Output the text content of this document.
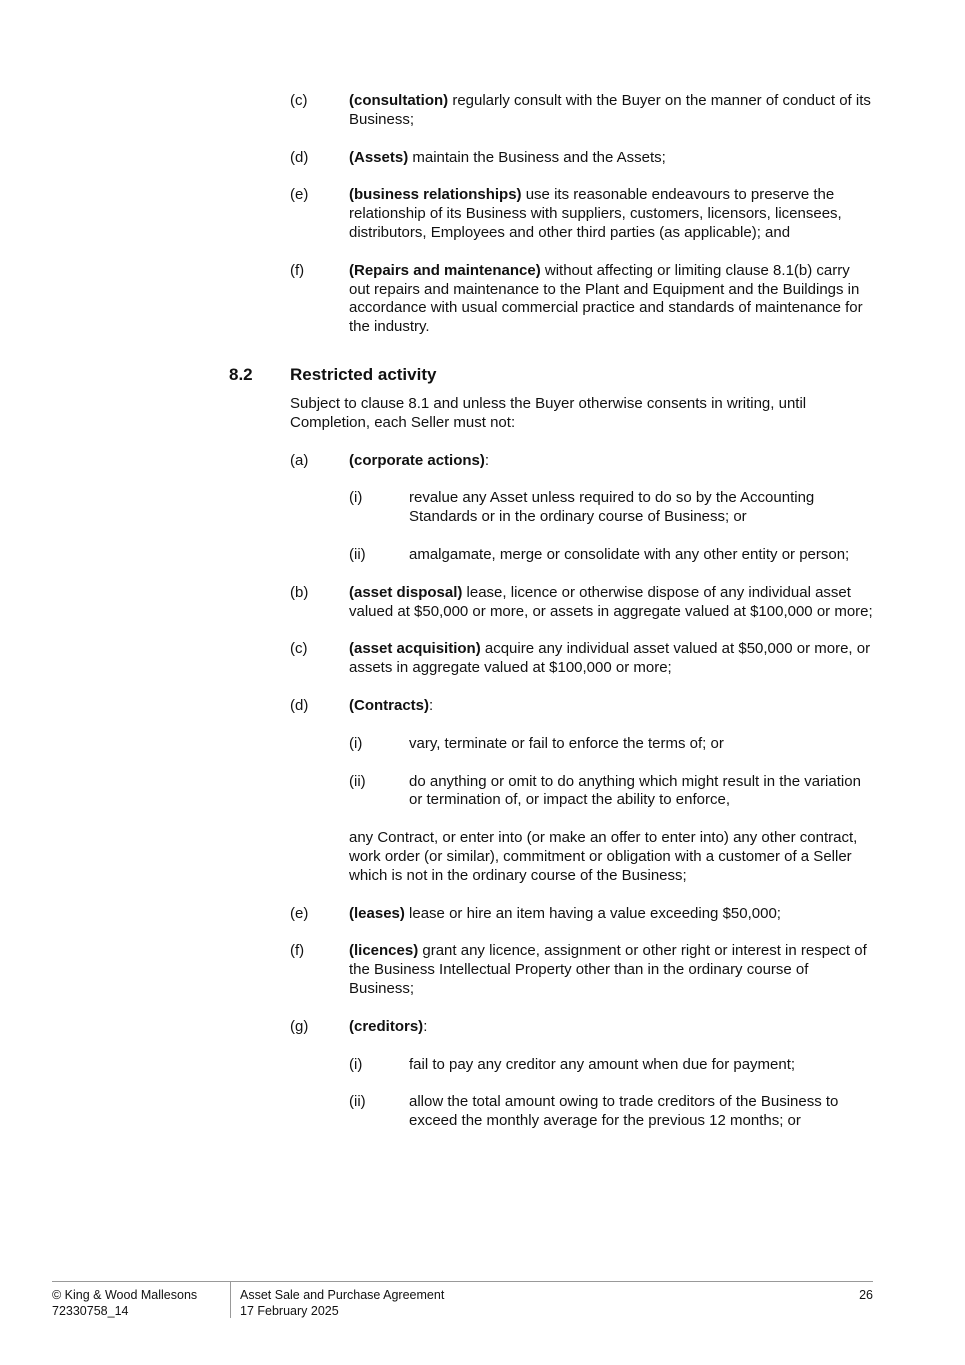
(c)	(consultation) regularly consult with the Buyer on the manner of conduct of its Business;
(d)	(Assets) maintain the Business and the Assets;
(e)	(business relationships) use its reasonable endeavours to preserve the relationship of its Business with suppliers, customers, licensors, licensees, distributors, Employees and other third parties (as applicable); and
(f)	(Repairs and maintenance) without affecting or limiting clause 8.1(b) carry out repairs and maintenance to the Plant and Equipment and the Buildings in accordance with usual commercial practice and standards of maintenance for the industry.
8.2 Restricted activity
Subject to clause 8.1 and unless the Buyer otherwise consents in writing, until Completion, each Seller must not:
(a)	(corporate actions):
(i)	revalue any Asset unless required to do so by the Accounting Standards or in the ordinary course of Business; or
(ii)	amalgamate, merge or consolidate with any other entity or person;
(b)	(asset disposal) lease, licence or otherwise dispose of any individual asset valued at $50,000 or more, or assets in aggregate valued at $100,000 or more;
(c)	(asset acquisition) acquire any individual asset valued at $50,000 or more, or assets in aggregate valued at $100,000 or more;
(d)	(Contracts):
(i)	vary, terminate or fail to enforce the terms of; or
(ii)	do anything or omit to do anything which might result in the variation or termination of, or impact the ability to enforce,
any Contract, or enter into (or make an offer to enter into) any other contract, work order (or similar), commitment or obligation with a customer of a Seller which is not in the ordinary course of the Business;
(e)	(leases) lease or hire an item having a value exceeding $50,000;
(f)	(licences) grant any licence, assignment or other right or interest in respect of the Business Intellectual Property other than in the ordinary course of Business;
(g)	(creditors):
(i)	fail to pay any creditor any amount when due for payment;
(ii)	allow the total amount owing to trade creditors of the Business to exceed the monthly average for the previous 12 months; or
© King & Wood Mallesons
72330758_14
Asset Sale and Purchase Agreement
17 February 2025
26
